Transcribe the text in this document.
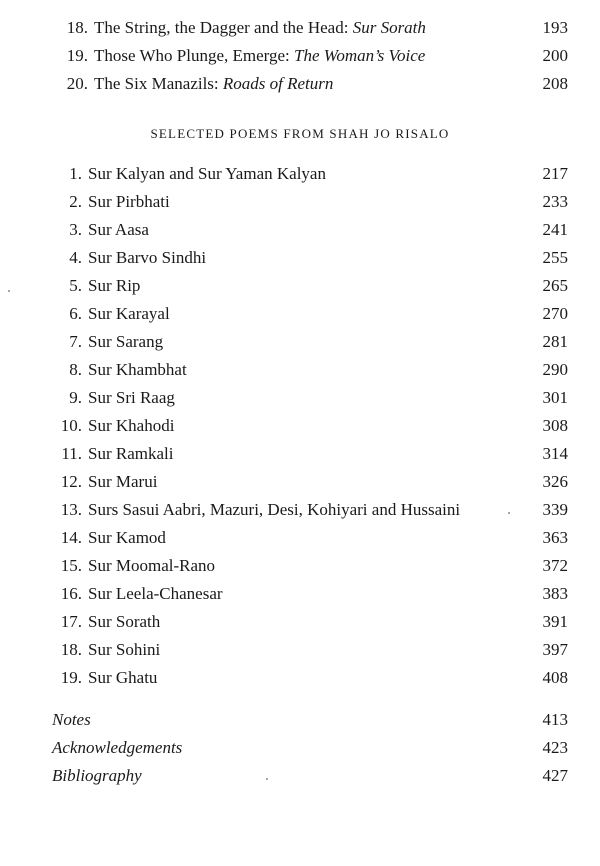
18. The String, the Dagger and the Head: Sur Sorath	193
19. Those Who Plunge, Emerge: The Woman’s Voice	200
20. The Six Manazils: Roads of Return	208
SELECTED POEMS FROM SHAH JO RISALO
1. Sur Kalyan and Sur Yaman Kalyan	217
2. Sur Pirbhati	233
3. Sur Aasa	241
4. Sur Barvo Sindhi	255
5. Sur Rip	265
6. Sur Karayal	270
7. Sur Sarang	281
8. Sur Khambhat	290
9. Sur Sri Raag	301
10. Sur Khahodi	308
11. Sur Ramkali	314
12. Sur Marui	326
13. Surs Sasui Aabri, Mazuri, Desi, Kohiyari and Hussaini	339
14. Sur Kamod	363
15. Sur Moomal-Rano	372
16. Sur Leela-Chanesar	383
17. Sur Sorath	391
18. Sur Sohini	397
19. Sur Ghatu	408
Notes	413
Acknowledgements	423
Bibliography	427
